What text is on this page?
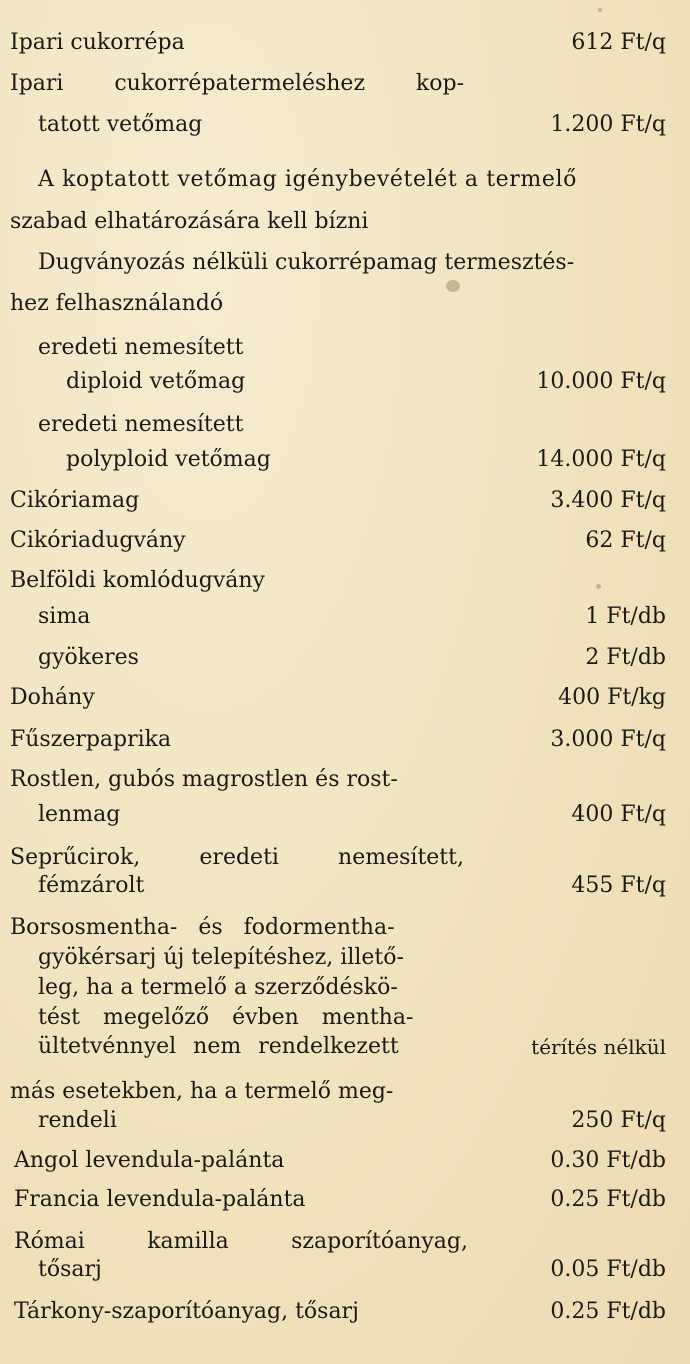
Ipari cukorrépa	612 Ft/q
Ipari cukorrépatermeléshez kop-
tatott vetőmag	1.200 Ft/q
A koptatott vetőmag igénybevételét a termelő
szabad elhatározására kell bízni
Dugványozás nélküli cukorrépamag termesztés-
hez felhasználandó
eredeti nemesített
diploid vetőmag	10.000 Ft/q
eredeti nemesített
polyploid vetőmag	14.000 Ft/q
Cikóriamag	3.400 Ft/q
Cikóriadugvány	62 Ft/q
Belföldi komlódugvány
sima	1 Ft/db
gyökeres	2 Ft/db
Dohány	400 Ft/kg
Fűszerpaprika	3.000 Ft/q
Rostlen, gubós magrostlen és rost-
lenmag	400 Ft/q
Seprűcirok,	eredeti	nemesített,
fémzárolt	455 Ft/q
Borsosmentha- és fodormentha-
gyökérsarj új telepítéshez, illető-
leg, ha a termelő a szerződéskö-
tést megelőző évben mentha-
ültetvénnyel nem rendelkezett	térítés nélkül
más esetekben, ha a termelő meg-
rendeli	250 Ft/q
Angol levendula-palánta	0.30 Ft/db
Francia levendula-palánta	0.25 Ft/db
Római	kamilla	szaporítóanyag,
tősarj	0.05 Ft/db
Tárkony-szaporítóanyag, tősarj	0.25 Ft/db
